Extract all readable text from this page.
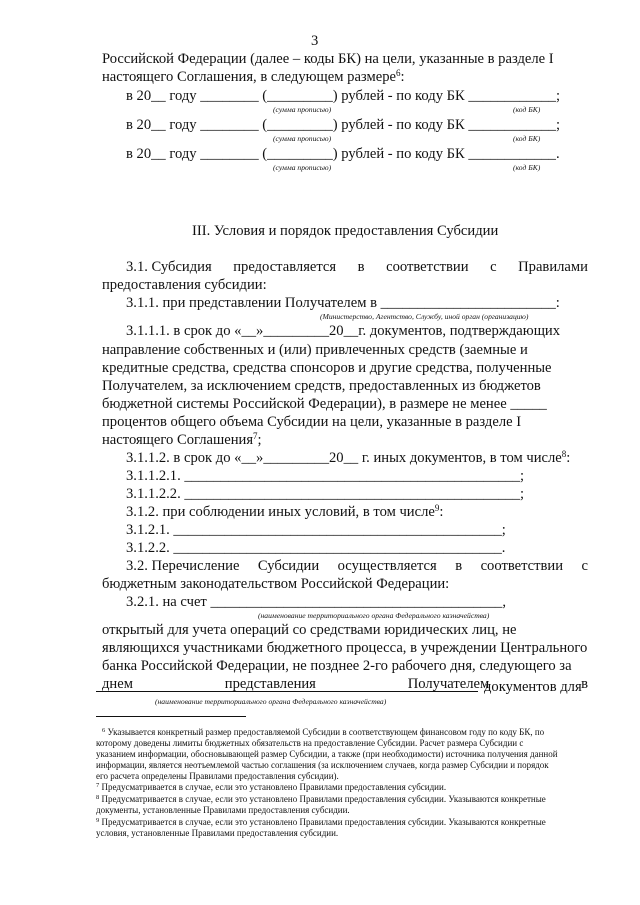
3
Российской Федерации (далее – коды БК) на цели, указанные в разделе I
настоящего Соглашения, в следующем размере$^6$:
в 20__ году ________ (_________) рублей - по коду БК ____________;
(сумма прописью)	(код БК)
в 20__ году ________ (_________) рублей - по коду БК ____________;
(сумма прописью)	(код БК)
в 20__ году ________ (_________) рублей - по коду БК ____________.
(сумма прописью)	(код БК)
III. Условия и порядок предоставления Субсидии
3.1. Субсидия предоставляется в соответствии с Правилами
предоставления субсидии:
3.1.1. при представлении Получателем в ________________________:
(Министерство, Агентство, Службу, иной орган (организацию)
3.1.1.1. в срок до «__»_________20__г. документов, подтверждающих
направление собственных и (или) привлеченных средств (заемные и
кредитные средства, средства спонсоров и другие средства, полученные
Получателем, за исключением средств, предоставленных из бюджетов
бюджетной системы Российской Федерации), в размере не менее _____
процентов общего объема Субсидии на цели, указанные в разделе I
настоящего Соглашения$^7$;
3.1.1.2. в срок до «__»_________20__ г. иных документов, в том числе$^8$:
3.1.1.2.1. ______________________________________________;
3.1.1.2.2. ______________________________________________;
3.1.2. при соблюдении иных условий, в том числе$^9$:
3.1.2.1. _____________________________________________;
3.1.2.2. _____________________________________________.
3.2. Перечисление Субсидии осуществляется в соответствии с
бюджетным законодательством Российской Федерации:
3.2.1. на счет ________________________________________,
(наименование территориального органа Федерального казначейства)
открытый для учета операций со средствами юридических лиц, не
являющихся участниками бюджетного процесса, в учреждении Центрального
банка Российской Федерации, не позднее 2-го рабочего дня, следующего за
днем	представления	Получателем	в
документов для
(наименование территориального органа Федерального казначейства)
$^6$ Указывается конкретный размер предоставляемой Субсидии в соответствующем финансовом году по коду БК, по
которому доведены лимиты бюджетных обязательств на предоставление Субсидии. Расчет размера Субсидии с
указанием информации, обосновывающей размер Субсидии, а также (при необходимости) источника получения данной
информации, является неотъемлемой частью соглашения (за исключением случаев, когда размер Субсидии и порядок
его расчета определены Правилами предоставления субсидии).
$^7$ Предусматривается в случае, если это установлено Правилами предоставления субсидии.
$^8$ Предусматривается в случае, если это установлено Правилами предоставления субсидии. Указываются конкретные
документы, установленные Правилами предоставления субсидии.
$^9$ Предусматривается в случае, если это установлено Правилами предоставления субсидии. Указываются конкретные
условия, установленные Правилами предоставления субсидии.
